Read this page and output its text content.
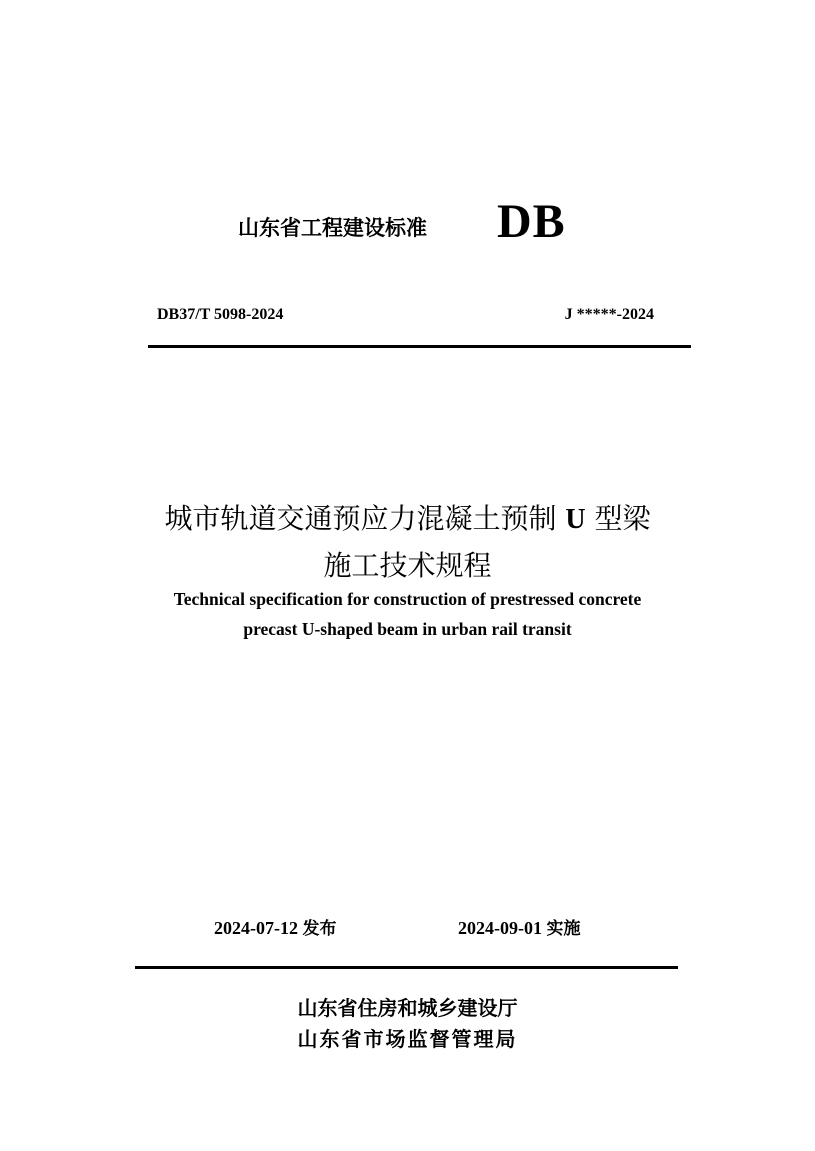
山东省工程建设标准 DB
DB37/T 5098-2024	J *****-2024
城市轨道交通预应力混凝土预制 U 型梁
施工技术规程
Technical specification for construction of prestressed concrete
precast U-shaped beam in urban rail transit
2024-07-12 发布	2024-09-01 实施
山东省住房和城乡建设厅
山东省市场监督管理局
